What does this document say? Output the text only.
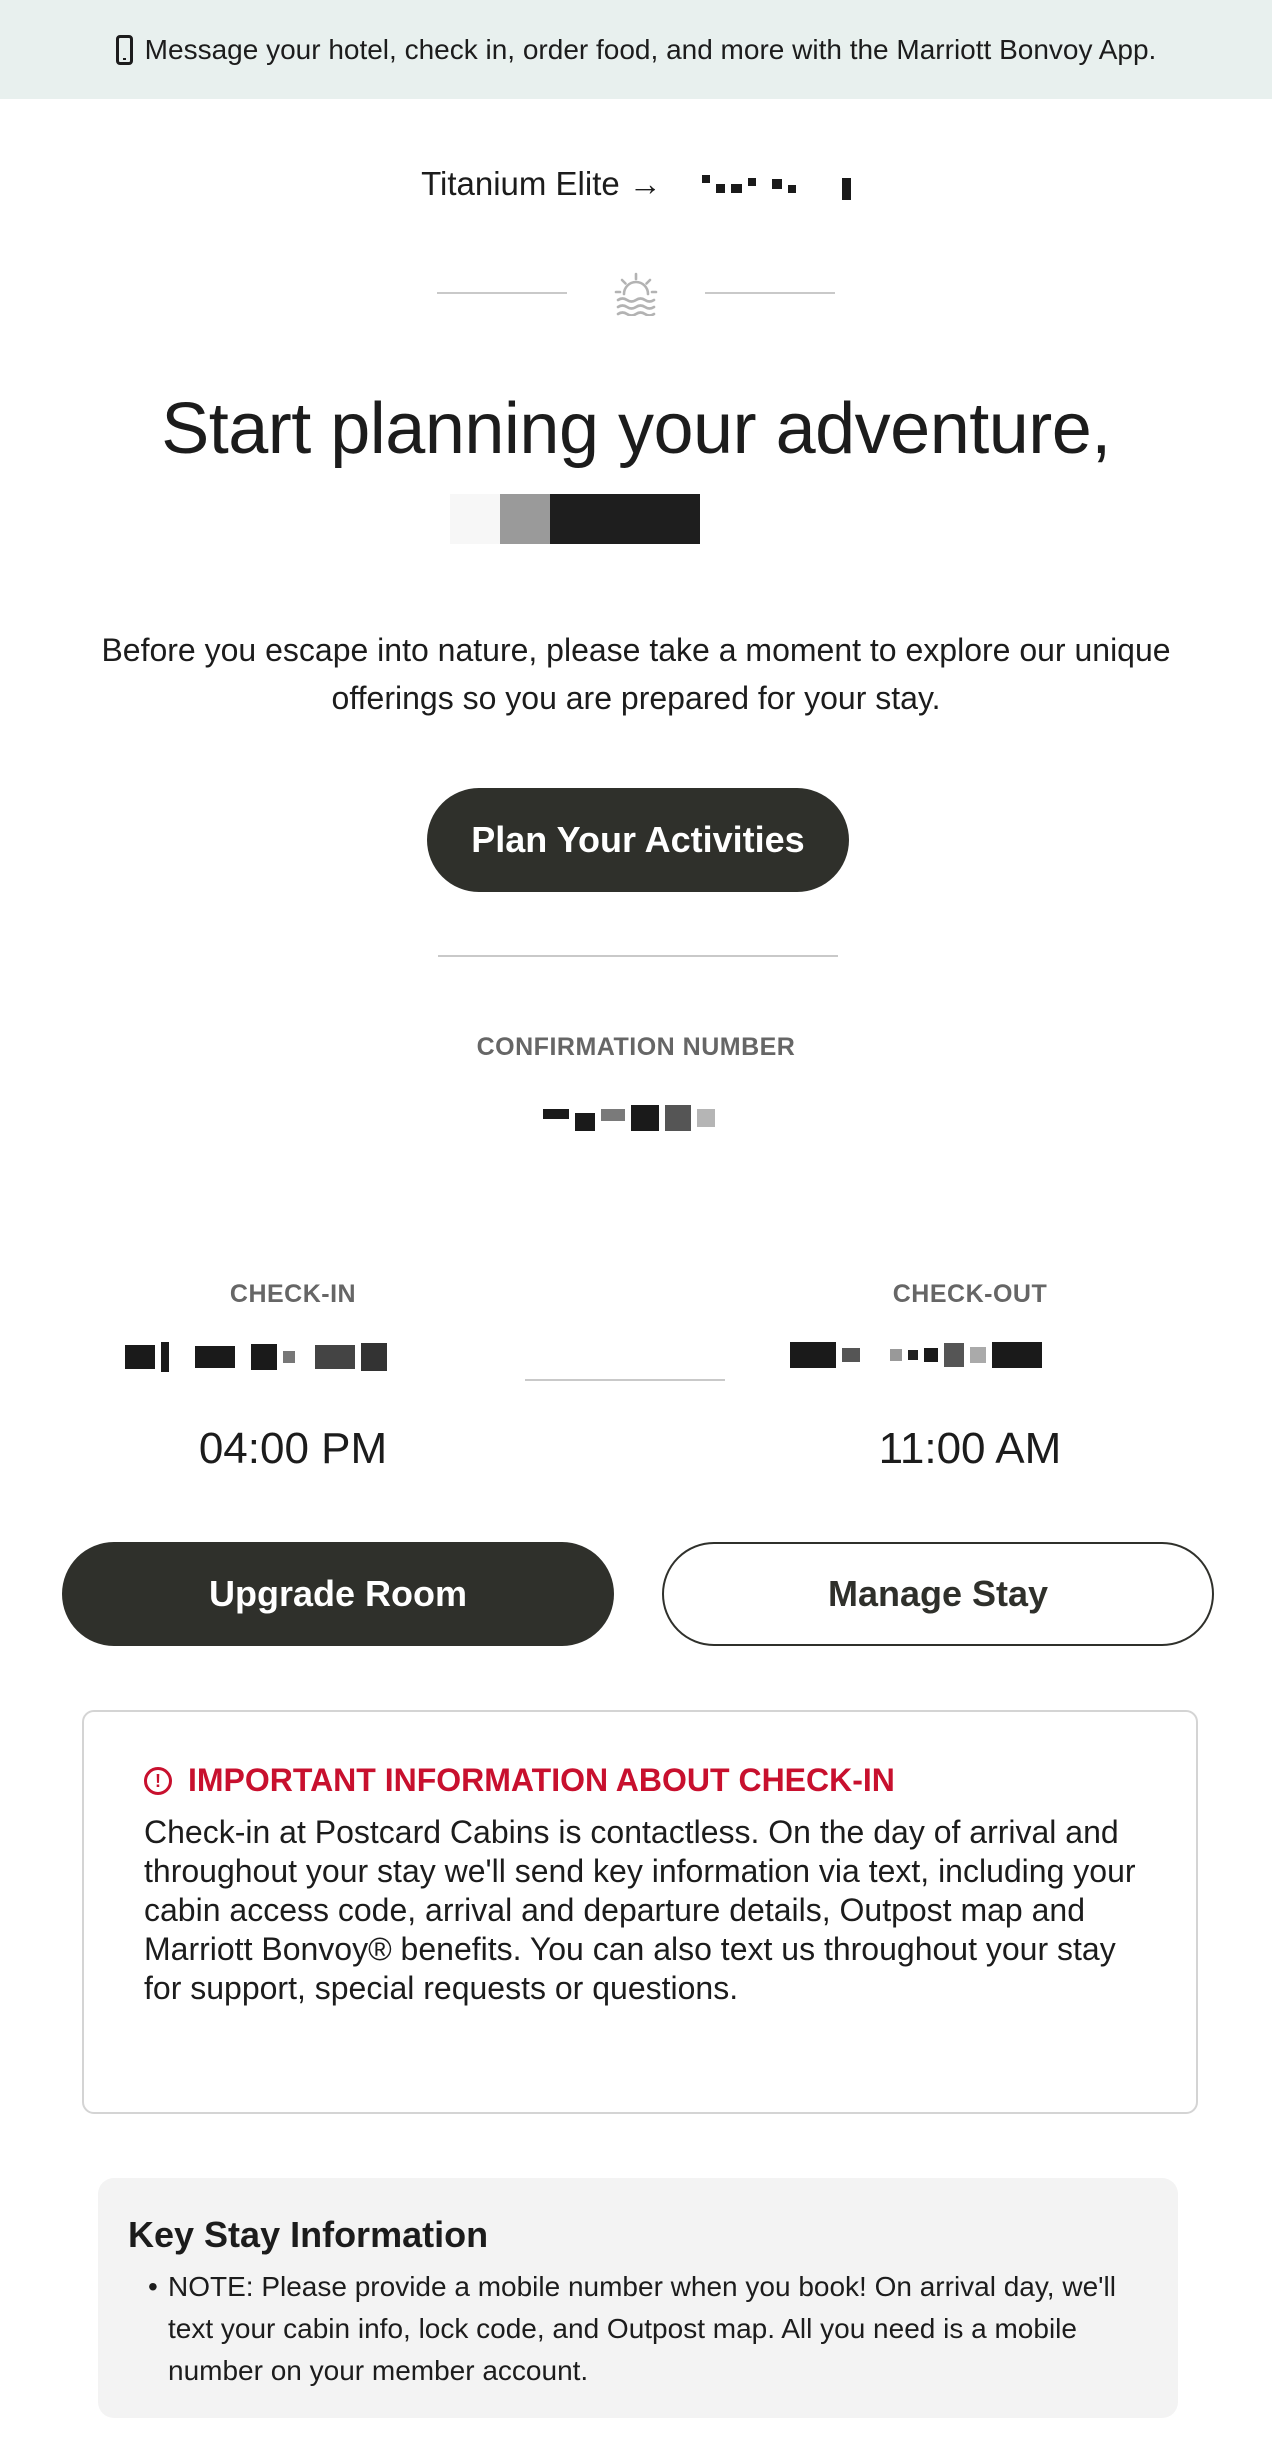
Message your hotel, check in, order food, and more with the Marriott Bonvoy App.
Titanium Elite →
Start planning your adventure,

Before you escape into nature, please take a moment to explore our unique offerings so you are prepared for your stay.

Plan Your Activities
CONFIRMATION NUMBER
CHECK-IN	CHECK-OUT
04:00 PM	11:00 AM
Upgrade Room	Manage Stay
! IMPORTANT INFORMATION ABOUT CHECK-IN

Check-in at Postcard Cabins is contactless. On the day of arrival and throughout your stay we'll send key information via text, including your cabin access code, arrival and departure details, Outpost map and Marriott Bonvoy® benefits. You can also text us throughout your stay for support, special requests or questions.

Key Stay Information
• NOTE: Please provide a mobile number when you book! On arrival day, we'll text your cabin info, lock code, and Outpost map. All you need is a mobile number on your member account.
